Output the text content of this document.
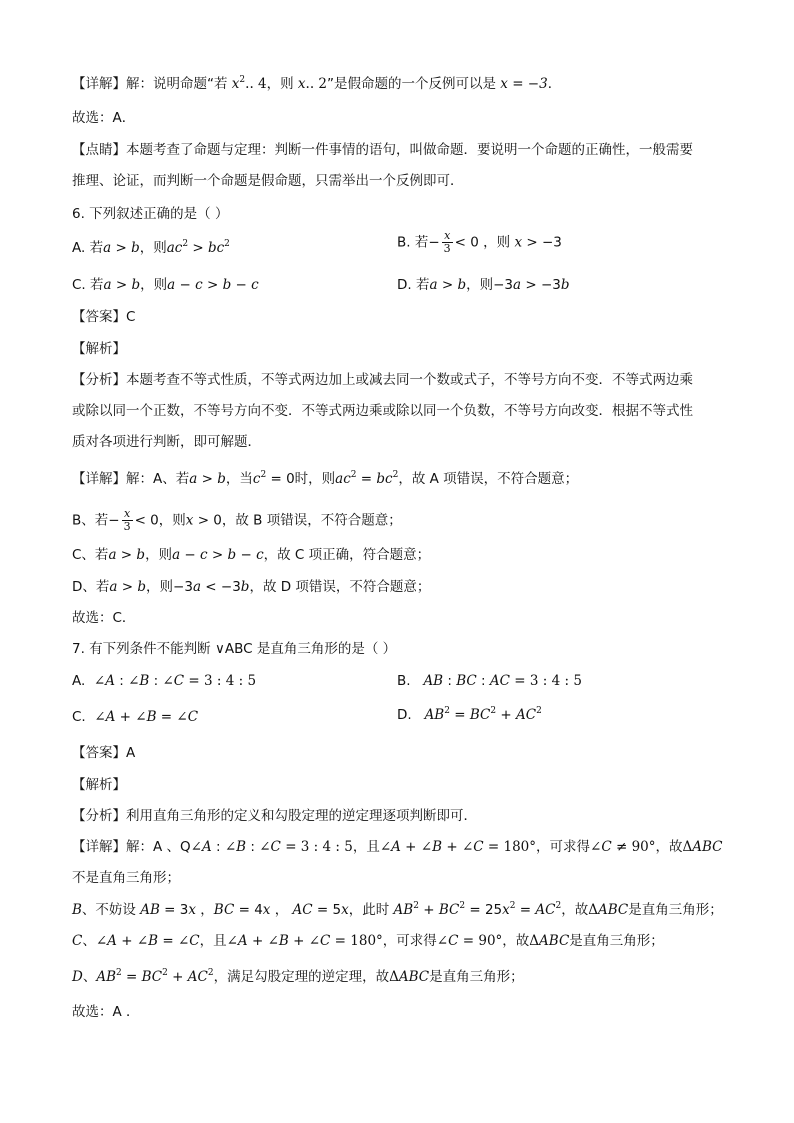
【详解】解：说明命题“若 $x^2$.. 4，则 x.. 2”是假命题的一个反例可以是 x = −3．
故选：A．
【点睛】本题考查了命题与定理：判断一件事情的语句，叫做命题．要说明一个命题的正确性，一般需要
推理、论证，而判断一个命题是假命题，只需举出一个反例即可．
6. 下列叙述正确的是（ ）
A. 若a > b，则$ac^2 > bc^2$	B. 若− $\frac{x}{3} < 0$ ，则 x > −3
C. 若a > b，则a − c > b − c	D. 若a > b，则−3a > −3b
【答案】C
【解析】
【分析】本题考查不等式性质，不等式两边加上或减去同一个数或式子，不等号方向不变．不等式两边乘
或除以同一个正数，不等号方向不变．不等式两边乘或除以同一个负数，不等号方向改变．根据不等式性
质对各项进行判断，即可解题．
【详解】解：A、若a > b，当$c^2 = 0$时，则$ac^2 = bc^2$，故 A 项错误，不符合题意；
B、若− $\frac{x}{3} < 0$，则x > 0，故 B 项错误，不符合题意；
C、若a > b，则a − c > b − c，故 C 项正确，符合题意；
D、若a > b，则−3a < −3b，故 D 项错误，不符合题意；
故选：C．
7. 有下列条件不能判断 ∨ABC 是直角三角形的是（ ）
A. ∠A : ∠B : ∠C = 3 : 4 : 5	B. AB : BC : AC = 3 : 4 : 5
C. ∠A + ∠B = ∠C	D. $AB^2 = BC^2 + AC^2$
【答案】A
【解析】
【分析】利用直角三角形的定义和勾股定理的逆定理逐项判断即可．
【详解】解：A 、Q∠A : ∠B : ∠C = 3 : 4 : 5，且∠A + ∠B + ∠C = 180°，可求得∠C ≠ 90°，故ΔABC
不是直角三角形；
B、不妨设 AB = 3x ，BC = 4x ， AC = 5x，此时 $AB^2 + BC^2 = 25x^2 = AC^2$，故ΔABC是直角三角形；
C、∠A + ∠B = ∠C，且∠A + ∠B + ∠C = 180°，可求得∠C = 90°，故ΔABC是直角三角形；
D、$AB^2 = BC^2 + AC^2$，满足勾股定理的逆定理，故ΔABC是直角三角形；
故选：A ．
